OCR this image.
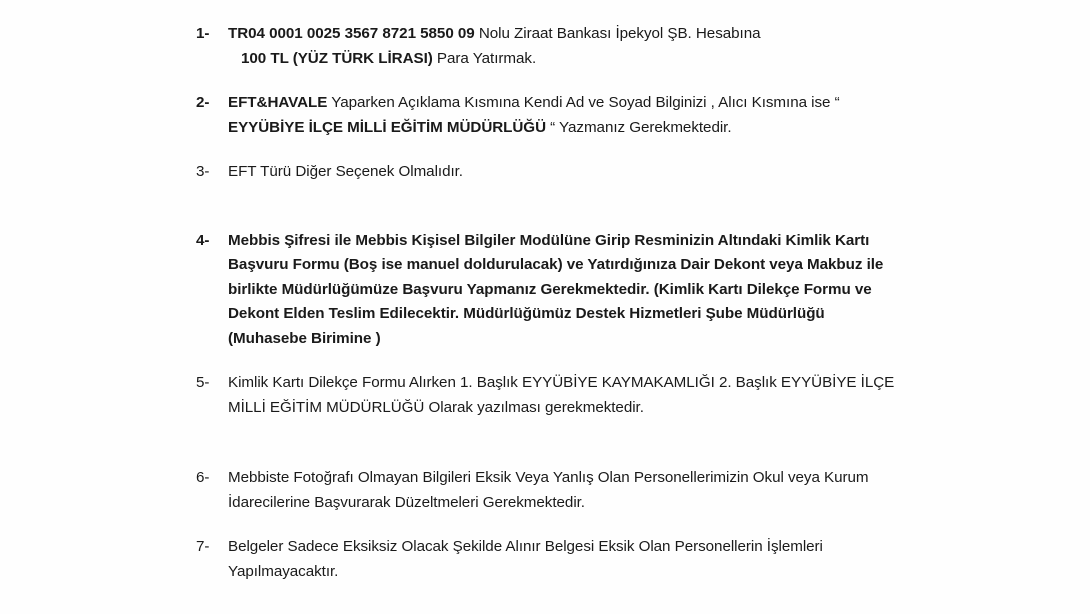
1-	TR04 0001 0025 3567 8721 5850 09 Nolu Ziraat Bankası İpekyol ŞB. Hesabına
100 TL (YÜZ TÜRK LİRASI) Para Yatırmak.
2-	EFT&HAVALE Yaparken Açıklama Kısmına Kendi Ad ve Soyad Bilginizi , Alıcı Kısmına ise “ EYYÜBİYE İLÇE MİLLİ EĞİTİM MÜDÜRLÜĞÜ “ Yazmanız Gerekmektedir.
3-	EFT Türü Diğer Seçenek Olmalıdır.
4-	Mebbis Şifresi ile Mebbis Kişisel Bilgiler Modülüne Girip Resminizin Altındaki Kimlik Kartı Başvuru Formu (Boş ise manuel doldurulacak) ve Yatırdığınıza Dair Dekont veya Makbuz ile birlikte Müdürlüğümüze Başvuru Yapmanız Gerekmektedir. (Kimlik Kartı Dilekçe Formu ve Dekont Elden Teslim Edilecektir. Müdürlüğümüz Destek Hizmetleri Şube Müdürlüğü (Muhasebe Birimine )
5-	Kimlik Kartı Dilekçe Formu Alırken 1. Başlık EYYÜBİYE KAYMAKAMLIĞI 2. Başlık EYYÜBİYE İLÇE MİLLİ EĞİTİM MÜDÜRLÜĞÜ Olarak yazılması gerekmektedir.
6-	Mebbiste Fotoğrafı Olmayan Bilgileri Eksik Veya Yanlış Olan Personellerimizin Okul veya Kurum İdarecilerine Başvurarak Düzeltmeleri Gerekmektedir.
7-	Belgeler Sadece Eksiksiz Olacak Şekilde Alınır Belgesi Eksik Olan Personellerin İşlemleri Yapılmayacaktır.
